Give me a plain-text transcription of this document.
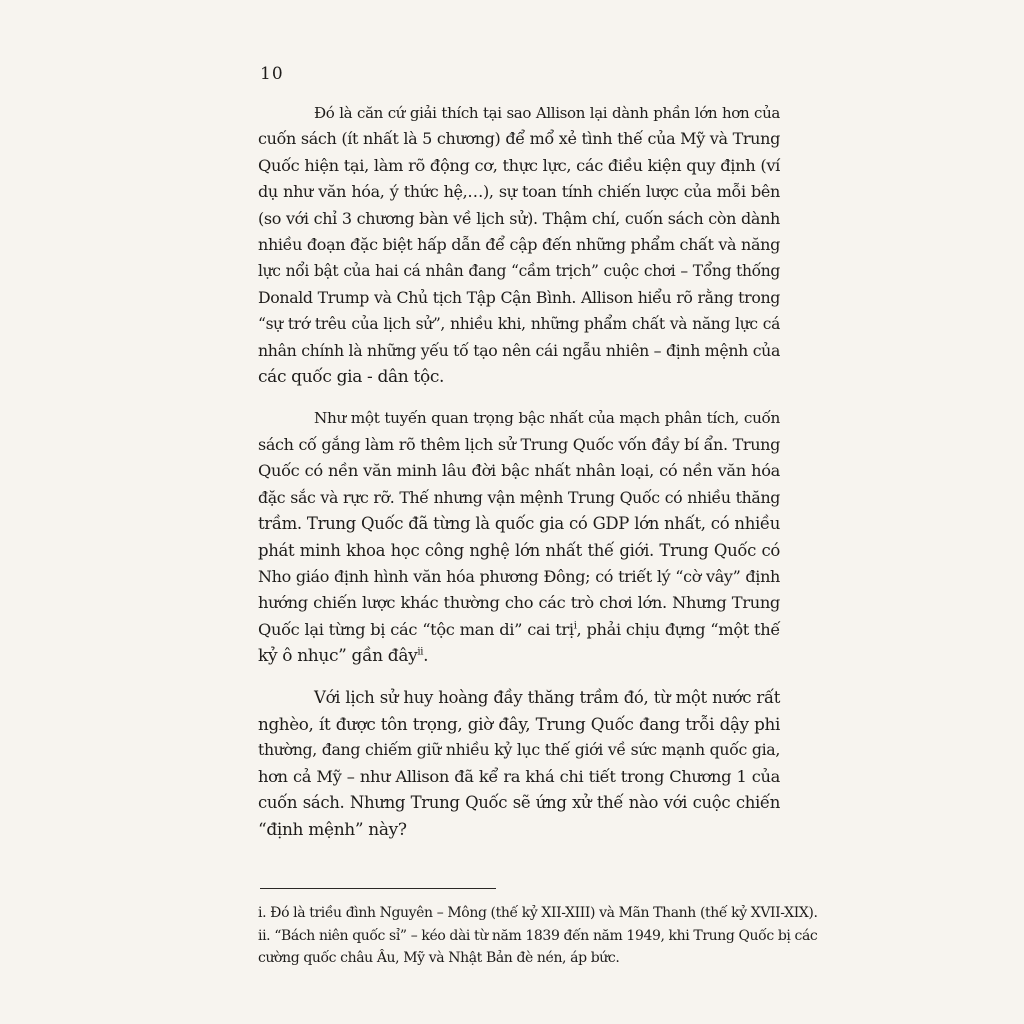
10

Đó là căn cứ giải thích tại sao Allison lại dành phần lớn hơn của
cuốn sách (ít nhất là 5 chương) để mổ xẻ tình thế của Mỹ và Trung
Quốc hiện tại, làm rõ động cơ, thực lực, các điều kiện quy định (ví
dụ như văn hóa, ý thức hệ,…), sự toan tính chiến lược của mỗi bên
(so với chỉ 3 chương bàn về lịch sử). Thậm chí, cuốn sách còn dành
nhiều đoạn đặc biệt hấp dẫn để cập đến những phẩm chất và năng
lực nổi bật của hai cá nhân đang “cầm trịch” cuộc chơi – Tổng thống
Donald Trump và Chủ tịch Tập Cận Bình. Allison hiểu rõ rằng trong
“sự trớ trêu của lịch sử”, nhiều khi, những phẩm chất và năng lực cá
nhân chính là những yếu tố tạo nên cái ngẫu nhiên – định mệnh của
các quốc gia - dân tộc.

Như một tuyến quan trọng bậc nhất của mạch phân tích, cuốn
sách cố gắng làm rõ thêm lịch sử Trung Quốc vốn đầy bí ẩn. Trung
Quốc có nền văn minh lâu đời bậc nhất nhân loại, có nền văn hóa
đặc sắc và rực rỡ. Thế nhưng vận mệnh Trung Quốc có nhiều thăng
trầm. Trung Quốc đã từng là quốc gia có GDP lớn nhất, có nhiều
phát minh khoa học công nghệ lớn nhất thế giới. Trung Quốc có
Nho giáo định hình văn hóa phương Đông; có triết lý “cờ vây” định
hướng chiến lược khác thường cho các trò chơi lớn. Nhưng Trung
Quốc lại từng bị các “tộc man di” cai trị$^i$, phải chịu đựng “một thế
kỷ ô nhục” gần đây$^{ii}$.

Với lịch sử huy hoàng đầy thăng trầm đó, từ một nước rất
nghèo, ít được tôn trọng, giờ đây, Trung Quốc đang trỗi dậy phi
thường, đang chiếm giữ nhiều kỷ lục thế giới về sức mạnh quốc gia,
hơn cả Mỹ – như Allison đã kể ra khá chi tiết trong Chương 1 của
cuốn sách. Nhưng Trung Quốc sẽ ứng xử thế nào với cuộc chiến
“định mệnh” này?

i. Đó là triều đình Nguyên – Mông (thế kỷ XII-XIII) và Mãn Thanh (thế kỷ XVII-XIX).
ii. “Bách niên quốc sỉ” – kéo dài từ năm 1839 đến năm 1949, khi Trung Quốc bị các
cường quốc châu Âu, Mỹ và Nhật Bản đè nén, áp bức.
